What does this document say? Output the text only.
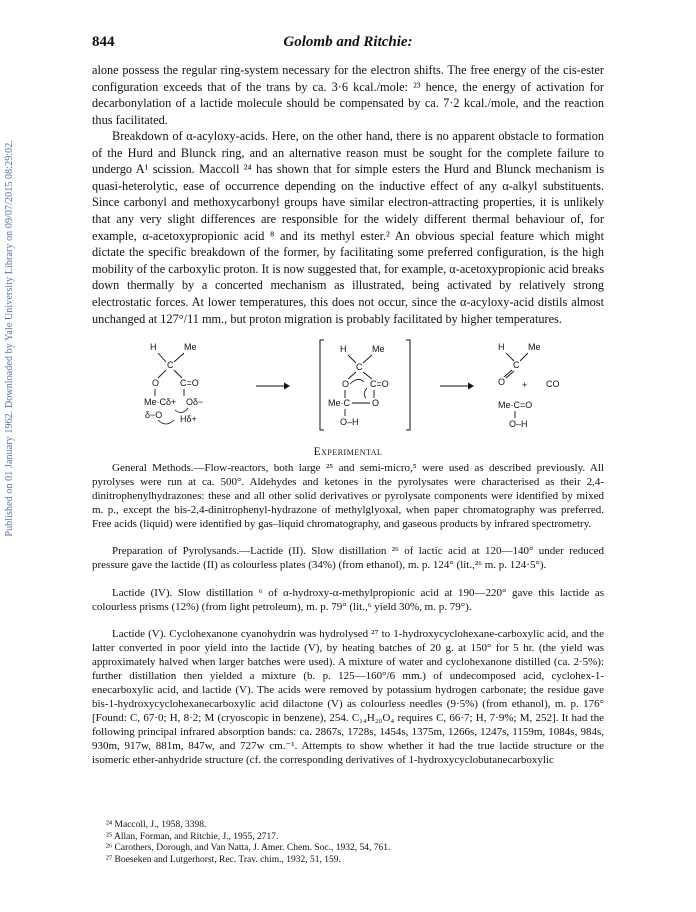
Published on 01 January 1962. Downloaded by Yale University Library on 09/07/2015 08:29:02.
844	Golomb and Ritchie:

alone possess the regular ring-system necessary for the electron shifts. The free energy of the cis-ester configuration exceeds that of the trans by ca. 3·6 kcal./mole: ²³ hence, the energy of activation for decarbonylation of a lactide molecule should be compensated by ca. 7·2 kcal./mole, and the reaction thus facilitated.

Breakdown of α-acyloxy-acids. Here, on the other hand, there is no apparent obstacle to formation of the Hurd and Blunck ring, and an alternative reason must be sought for the complete failure to undergo A¹ scission. Maccoll ²⁴ has shown that for simple esters the Hurd and Blunck mechanism is quasi-heterolytic, ease of occurrence depending on the inductive effect of any α-alkyl substituents. Since carbonyl and methoxycarbonyl groups have similar electron-attracting properties, it is unlikely that any very slight differences are responsible for the widely different thermal behaviour of, for example, α-acetoxypropionic acid ⁸ and its methyl ester.² An obvious special feature which might dictate the specific breakdown of the former, by facilitating some preferred configuration, is the high mobility of the carboxylic proton. It is now suggested that, for example, α-acetoxypropionic acid breaks down thermally by a concerted mechanism as illustrated, being activated by relatively strong electrostatic forces. At lower temperatures, this does not occur, since the α-acyloxy-acid distils almost unchanged at 127°/11 mm., but proton migration is probably facilitated by higher temperatures.

H	Me
C
O C=O
Me·Cδ+ Oδ−
δ−O Hδ+
H	Me
C
O C=O
Me·C O
O–H
H	Me
C
O + CO
Me·C=O
O–H
Experimental

General Methods.—Flow-reactors, both large ²⁵ and semi-micro,⁵ were used as described previously. All pyrolyses were run at ca. 500°. Aldehydes and ketones in the pyrolysates were characterised as their 2,4-dinitrophenylhydrazones: these and all other solid derivatives or pyrolysate components were identified by mixed m. p., except the bis-2,4-dinitrophenyl-hydrazone of methylglyoxal, when paper chromatography was preferred. Free acids (liquid) were identified by gas–liquid chromatography, and gaseous products by infrared spectrometry.

Preparation of Pyrolysands.—Lactide (II). Slow distillation ²⁶ of lactic acid at 120—140° under reduced pressure gave the lactide (II) as colourless plates (34%) (from ethanol), m. p. 124° (lit.,²⁶ m. p. 124·5°).

Lactide (IV). Slow distillation ⁶ of α-hydroxy-α-methylpropionic acid at 190—220° gave this lactide as colourless prisms (12%) (from light petroleum), m. p. 79° (lit.,⁶ yield 30%, m. p. 79°).

Lactide (V). Cyclohexanone cyanohydrin was hydrolysed ²⁷ to 1-hydroxycyclohexane-carboxylic acid, and the latter converted in poor yield into the lactide (V), by heating batches of 20 g. at 150° for 5 hr. (the yield was approximately halved when larger batches were used). A mixture of water and cyclohexanone distilled (ca. 2·5%): further distillation then yielded a mixture (b. p. 125—160°/6 mm.) of undecomposed acid, cyclohex-1-enecarboxylic acid, and lactide (V). The acids were removed by potassium hydrogen carbonate; the residue gave bis-1-hydroxycyclohexanecarboxylic acid dilactone (V) as colourless needles (9·5%) (from ethanol), m. p. 176° [Found: C, 67·0; H, 8·2; M (cryoscopic in benzene), 254. C₁₄H₂₀O₄ requires C, 66·7; H, 7·9%; M, 252]. It had the following principal infrared absorption bands: ca. 2867s, 1728s, 1454s, 1375m, 1266s, 1247s, 1159m, 1084s, 984s, 930m, 917w, 881m, 847w, and 727w cm.⁻¹. Attempts to show whether it had the true lactide structure or the isomeric ether-anhydride structure (cf. the corresponding derivatives of 1-hydroxycyclobutanecarboxylic

²⁴ Maccoll, J., 1958, 3398.
²⁵ Allan, Forman, and Ritchie, J., 1955, 2717.
²⁶ Carothers, Dorough, and Van Natta, J. Amer. Chem. Soc., 1932, 54, 761.
²⁷ Boeseken and Lutgerhorst, Rec. Trav. chim., 1932, 51, 159.
